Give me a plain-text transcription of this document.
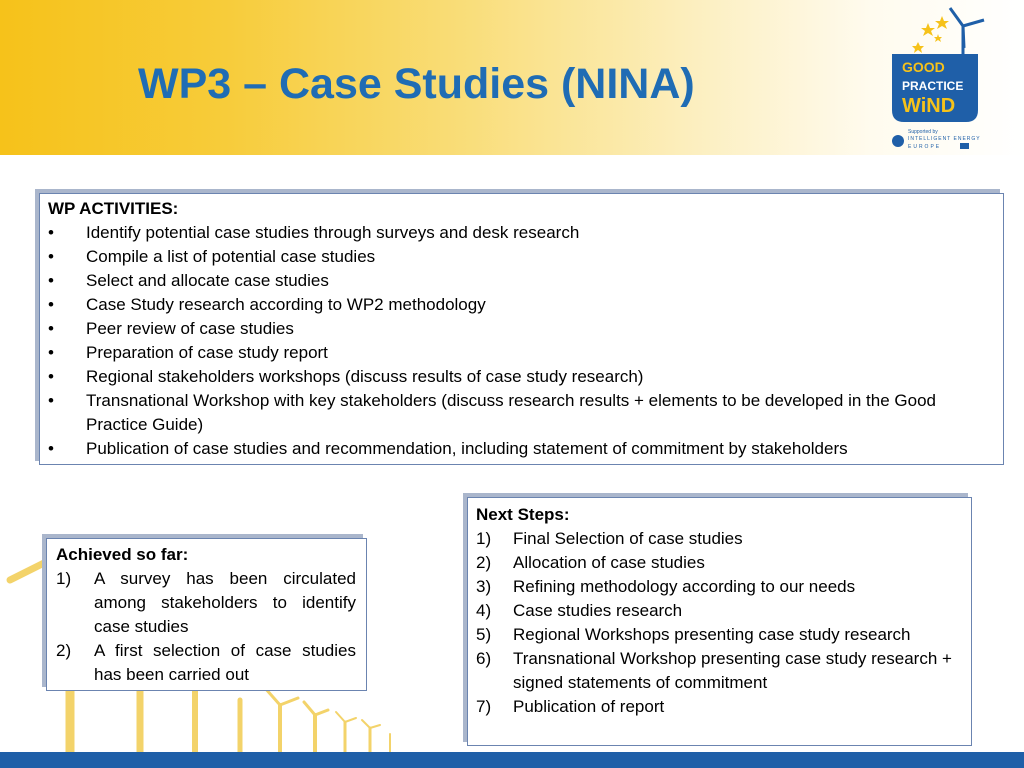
WP3 – Case Studies (NINA)	GOOD
PRACTICE
WiND
Supported by
INTELLIGENT ENERGY
EUROPE
WP ACTIVITIES:
• Identify potential case studies through surveys and desk research
• Compile a list of potential case studies
• Select and allocate case studies
• Case Study research according to WP2 methodology
• Peer review of case studies
• Preparation of case study report
• Regional stakeholders workshops (discuss results of case study research)
• Transnational Workshop with key stakeholders (discuss research results + elements to be developed in the Good Practice Guide)
• Publication of case studies and recommendation, including statement of commitment by stakeholders
Achieved so far:
1) A survey has been circulated among stakeholders to identify case studies
2) A first selection of case studies has been carried out
Next Steps:
1) Final Selection of case studies
2) Allocation of case studies
3) Refining methodology according to our needs
4) Case studies research
5) Regional Workshops presenting case study research
6) Transnational Workshop presenting case study research + signed statements of commitment
7) Publication of report
